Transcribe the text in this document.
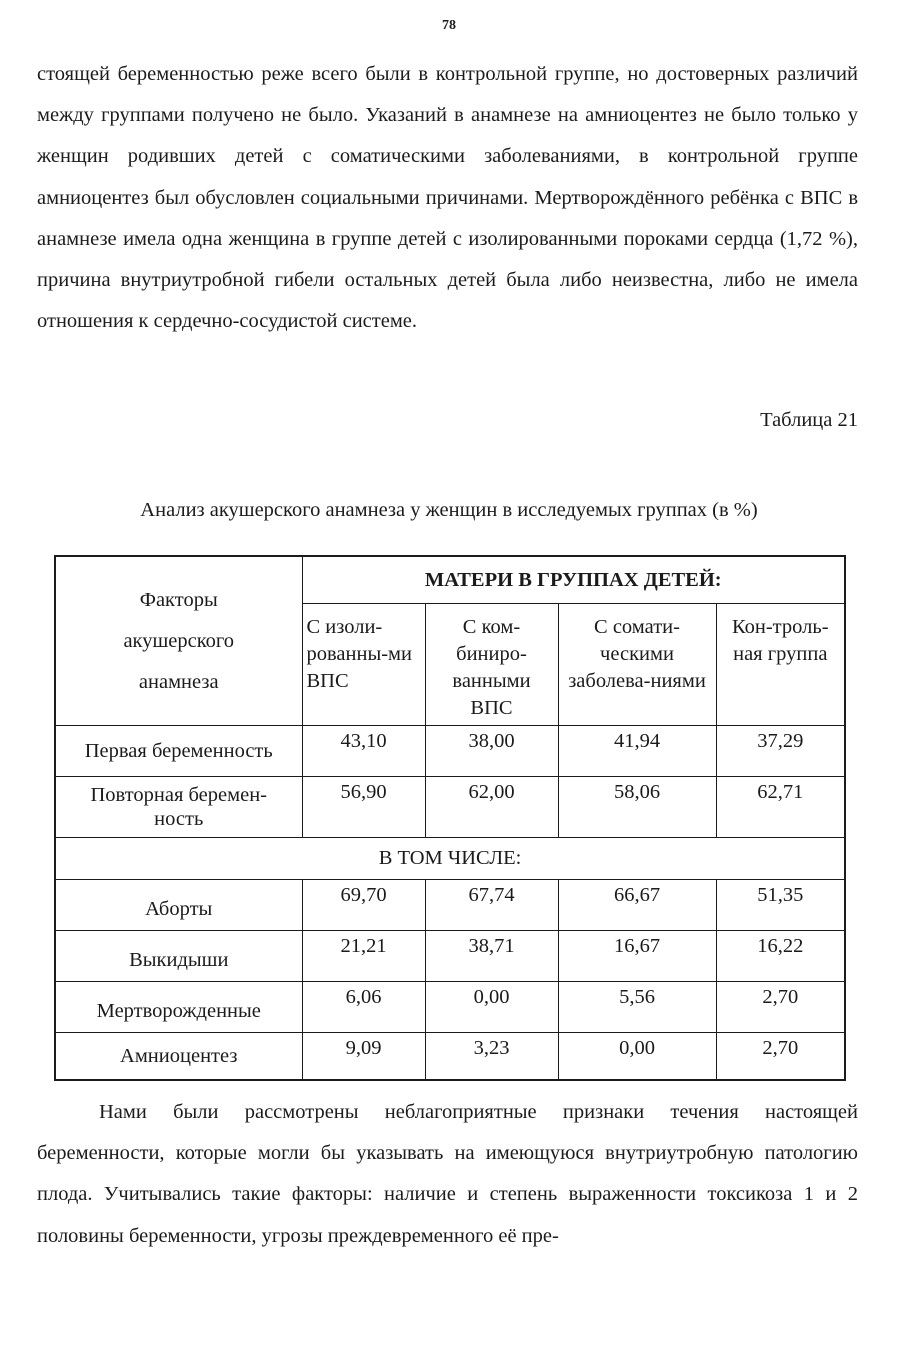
78

стоящей беременностью реже всего были в контрольной группе, но достоверных различий между группами получено не было. Указаний в анамнезе на амниоцентез не было только у женщин родивших детей с соматическими заболеваниями, в контрольной группе амниоцентез был обусловлен социальными причинами. Мертворождённого ребёнка с ВПС в анамнезе имела одна женщина в группе детей с изолированными пороками сердца (1,72 %), причина внутриутробной гибели остальных детей была либо неизвестна, либо не имела отношения к сердечно-сосудистой системе.

Таблица 21
Анализ акушерского анамнеза у женщин в исследуемых группах (в %)
Факторы акушерского анамнеза	МАТЕРИ В ГРУППАХ ДЕТЕЙ:			
	С изоли-рованны-ми ВПС	С ком-биниро-ванными ВПС	С сомати-ческими заболева-ниями	Кон-троль-ная группа
Первая беременность	43,10	38,00	41,94	37,29
Повторная беремен-ность	56,90	62,00	58,06	62,71
В ТОМ ЧИСЛЕ:				
Аборты	69,70	67,74	66,67	51,35
Выкидыши	21,21	38,71	16,67	16,22
Мертворожденные	6,06	0,00	5,56	2,70
Амниоцентез	9,09	3,23	0,00	2,70

Нами были рассмотрены неблагоприятные признаки течения настоящей беременности, которые могли бы указывать на имеющуюся внутриутробную патологию плода. Учитывались такие факторы: наличие и степень выраженности токсикоза 1 и 2 половины беременности, угрозы преждевременного её пре-
